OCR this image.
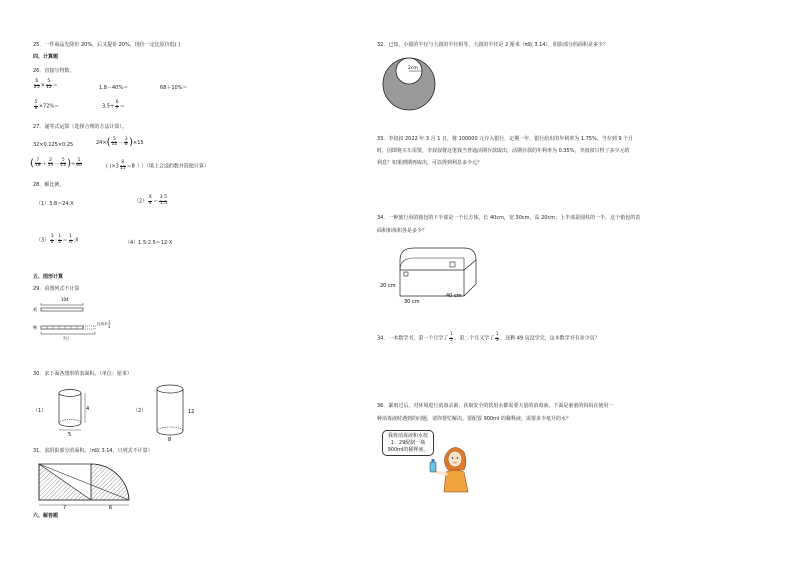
25．一件商品先降价 20%，后又提价 20%，现价一定比原价低( )
四、计算题
26．直接写得数。
$\frac{6}{25} \times \frac{5}{12}$ ＝	1.8－40%＝	68＋10%＝
$\frac{5}{8} \times 72\%=$	$3.5\div \frac{6}{7}$ ＝
27．递等式运算（选择合理的方法计算）。
32×0.125×0.25	$24\times( \frac{5}{12} - \frac{3}{8} )\times 15$
( $\frac{7}{18} + \frac{2}{15} - \frac{5}{12}$ )÷ $\frac{1}{60}$	( )$\times 3 \frac{8}{11} =8$（ ）（填上合适的数并简便计算）
28．解比例。
（1）3:8＝24:X	$(2) \frac{X}{4} = \frac{3.5}{1.5}$
$(3) \frac{3}{2}$ : $\frac{1}{2} = \frac{1}{4}$ :X	（4）1.5:2.5＝12:X
五、图形计算
29．看图列式不计算
104
鸡
鸭
比鸡多 1
4
?只
30．求下面各图形的表面积。（单位：厘米）
（1）	4
5
（2）	12
8
31．求阴影部分的面积。（π取 3.14，只列式不计算）
7	6
六、解答题
32．已知，小圆的半径与大圆的半径相等，大圆的半径是 2 厘米（π取 3.14），阴影部分的面积是多少？
2cm
33．李叔叔 2022 年 3 月 1 日，将 100000 元存入银行，定期一年，银行给出的年利率为 1.75%。当存到 9 个月
时，因即将买车需要，李叔叔将这笔钱当普通活期存款取出，活期存款的年利率为 0.35%，李叔叔只得了多少元的
利息？如果到期再取出，可以得到利息多少元？
34．一种旅行用的箱包的下半部是一个长方体，长 40cm，宽 30cm，高 20cm；上半部是圆柱的一半。这个箱包的表
面积和体积各是多少？
20 cm
30 cm
40 cm
34．一本数学书，第一个月学了 $\frac{1}{5}$ ，第二个月又学了 $\frac{1}{3}$ ，还剩 49 页没学完，这本数学书有多少页？
36．暴雨过后，对环境进行消毒杀菌、获取安全的饮用水都需要大量的消毒液。下面是童童的妈妈在使用一
种消毒液时遇到的问题，请你帮忙解决。要配置 900ml 的稀释液，需要多少毫升的水？
我将消毒液和水按
1：29配制一瓶
900ml的稀释液。
